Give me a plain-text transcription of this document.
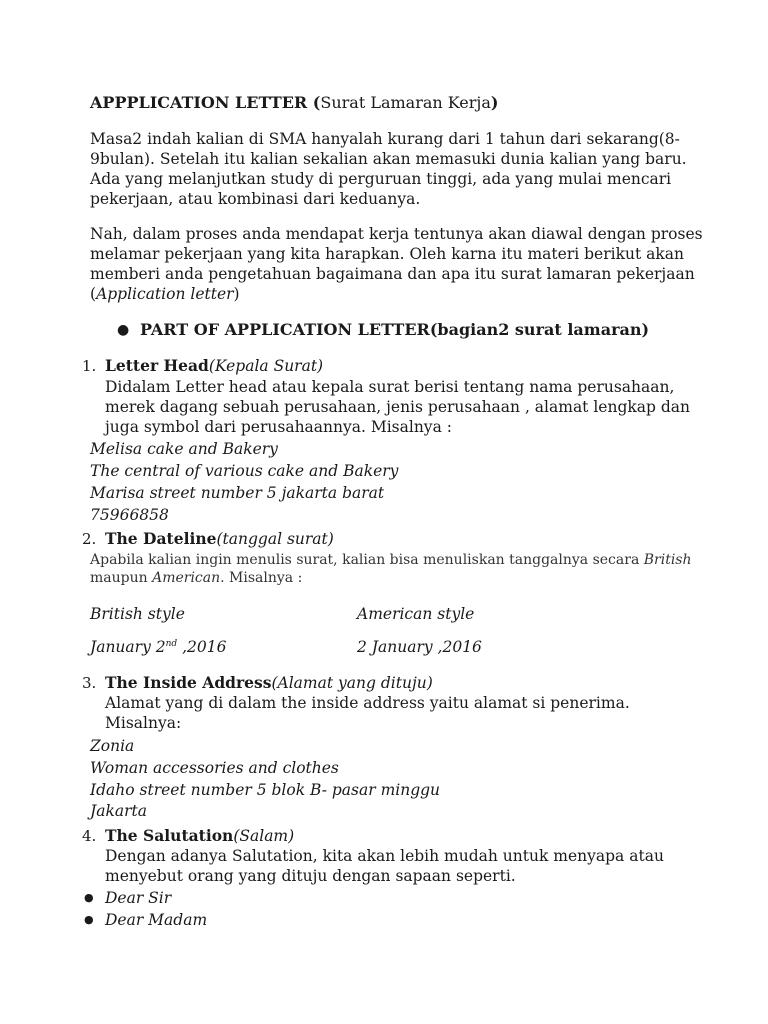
APPPLICATION LETTER (Surat Lamaran Kerja)
Masa2 indah kalian di SMA hanyalah kurang dari 1 tahun dari sekarang(8-
9bulan). Setelah itu kalian sekalian akan memasuki dunia kalian yang baru.
Ada yang melanjutkan study di perguruan tinggi, ada yang mulai mencari
pekerjaan, atau kombinasi dari keduanya.
Nah, dalam proses anda mendapat kerja tentunya akan diawal dengan proses
melamar pekerjaan yang kita harapkan. Oleh karna itu materi berikut akan
memberi anda pengetahuan bagaimana dan apa itu surat lamaran pekerjaan
(Application letter)
● PART OF APPLICATION LETTER(bagian2 surat lamaran)
1. Letter Head(Kepala Surat)
Didalam Letter head atau kepala surat berisi tentang nama perusahaan,
merek dagang sebuah perusahaan, jenis perusahaan , alamat lengkap dan
juga symbol dari perusahaannya. Misalnya :
Melisa cake and Bakery
The central of various cake and Bakery
Marisa street number 5 jakarta barat
75966858
2. The Dateline(tanggal surat)
Apabila kalian ingin menulis surat, kalian bisa menuliskan tanggalnya secara British
maupun American. Misalnya :
British style	American style
January 2nd ,2016	2 January ,2016
3. The Inside Address(Alamat yang dituju)
Alamat yang di dalam the inside address yaitu alamat si penerima.
Misalnya:
Zonia
Woman accessories and clothes
Idaho street number 5 blok B- pasar minggu
Jakarta
4. The Salutation(Salam)
Dengan adanya Salutation, kita akan lebih mudah untuk menyapa atau
menyebut orang yang dituju dengan sapaan seperti.
● Dear Sir
● Dear Madam
